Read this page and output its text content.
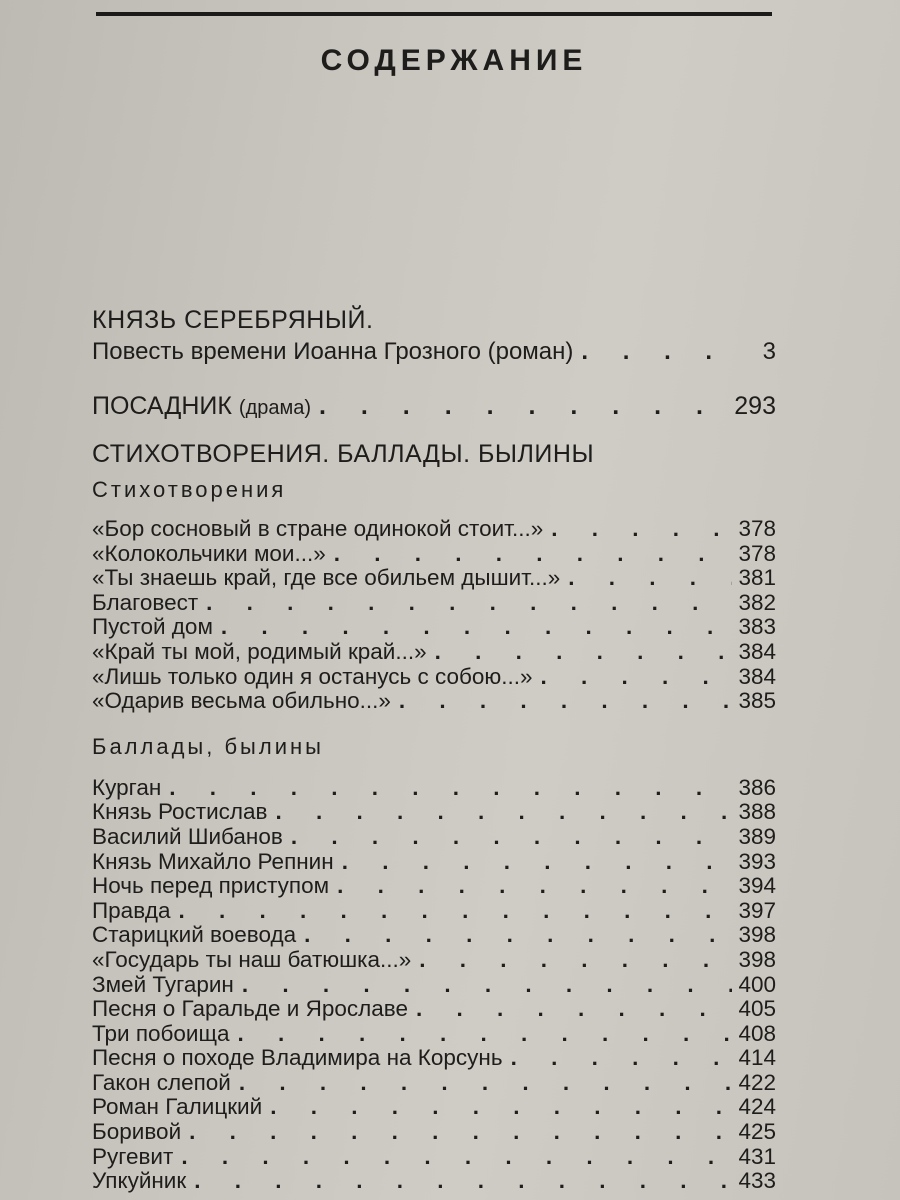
СОДЕРЖАНИЕ
КНЯЗЬ СЕРЕБРЯНЫЙ.
Повесть времени Иоанна Грозного (роман) . . .	3
ПОСАДНИК (драма) . . .	293
СТИХОТВОРЕНИЯ. БАЛЛАДЫ. БЫЛИНЫ
Стихотворения
«Бор сосновый в стране одинокой стоит...» . . .	378
«Колокольчики мои...» . . .	378
«Ты знаешь край, где все обильем дышит...» . . .	381
Благовест . . .	382
Пустой дом . . .	383
«Край ты мой, родимый край...» . . .	384
«Лишь только один я останусь с собою...» . . .	384
«Одарив весьма обильно...» . . .	385
Баллады, былины
Курган . . .	386
Князь Ростислав . . .	388
Василий Шибанов . . .	389
Князь Михайло Репнин . . .	393
Ночь перед приступом . . .	394
Правда . . .	397
Старицкий воевода . . .	398
«Государь ты наш батюшка...» . . .	398
Змей Тугарин . . .	400
Песня о Гаральде и Ярославе . . .	405
Три побоища . . .	408
Песня о походе Владимира на Корсунь . . .	414
Гакон слепой . . .	422
Роман Галицкий . . .	424
Боривой . . .	425
Ругевит . . .	431
Упкуйник . . .	433
